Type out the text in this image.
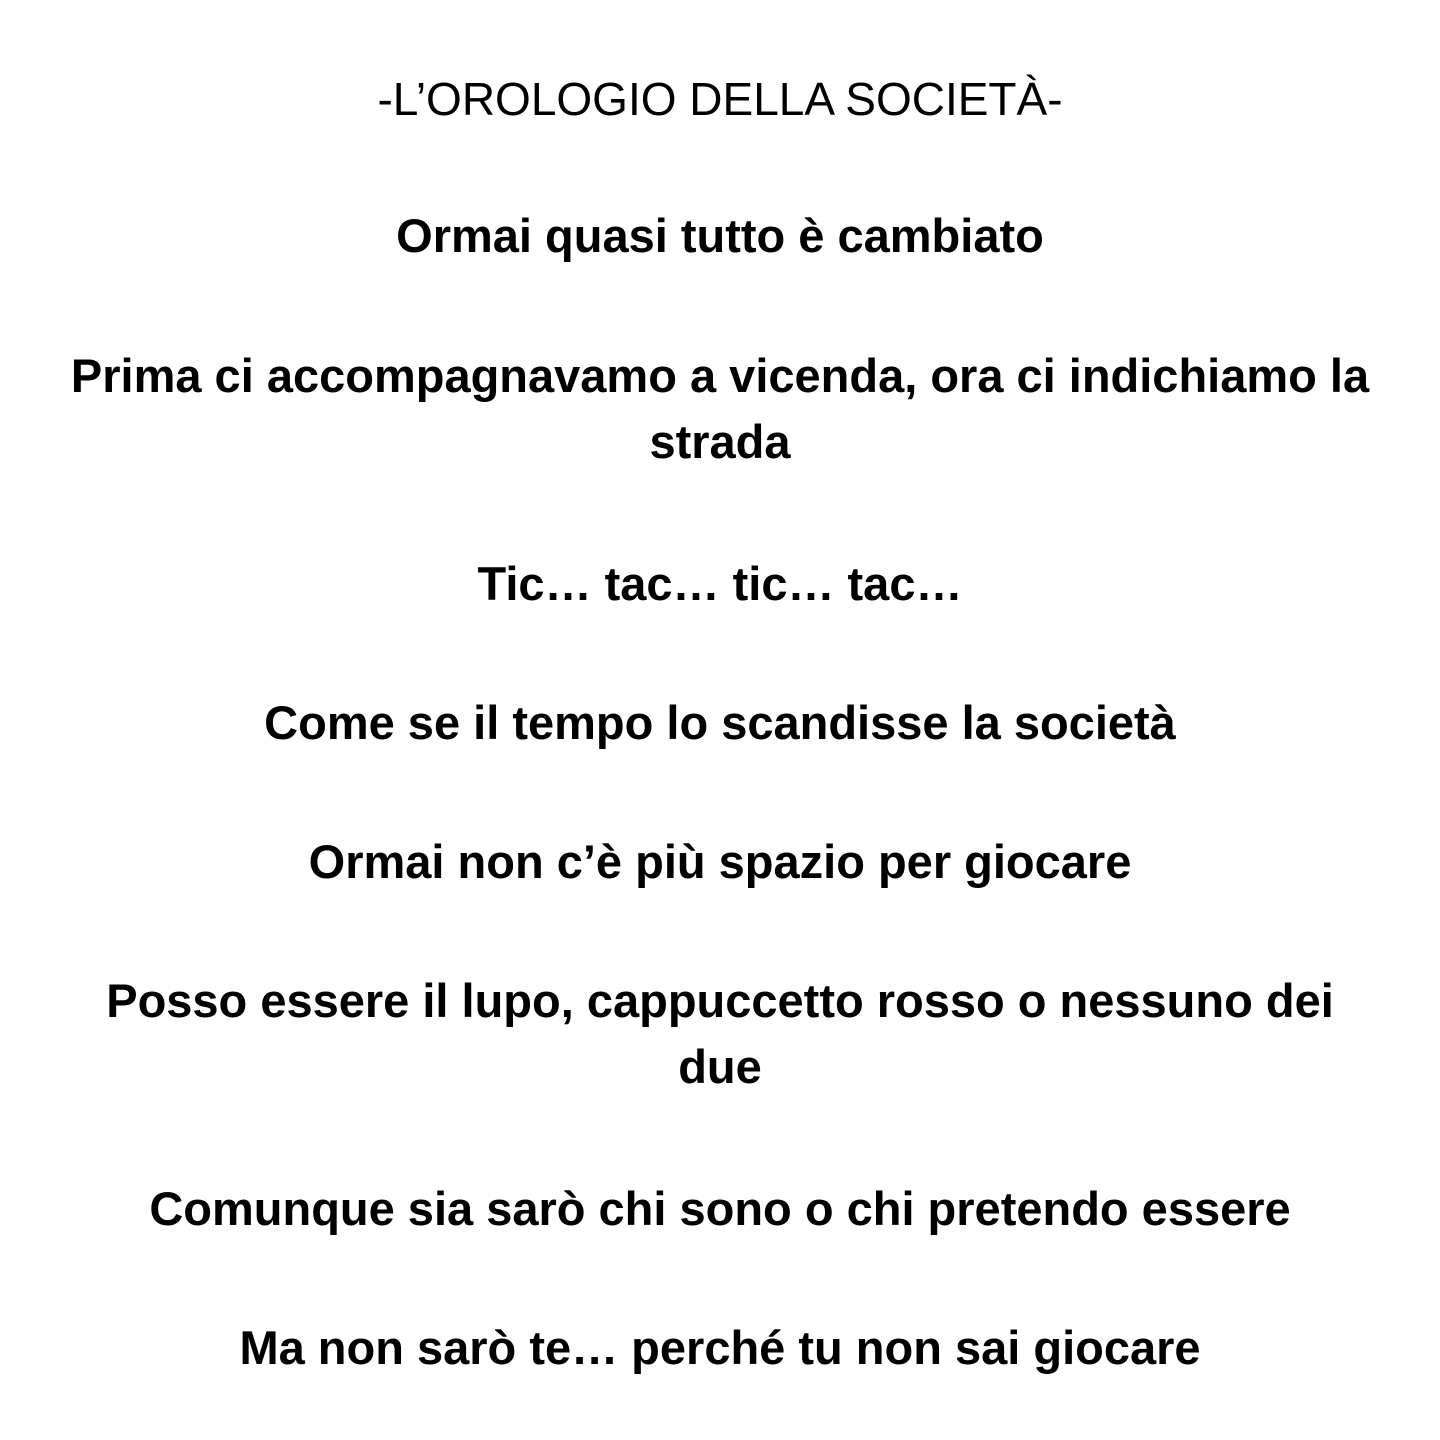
-L’OROLOGIO DELLA SOCIETÀ-

Ormai quasi tutto è cambiato

Prima ci accompagnavamo a vicenda, ora ci indichiamo la strada

Tic… tac… tic… tac…

Come se il tempo lo scandisse la società

Ormai non c’è più spazio per giocare

Posso essere il lupo, cappuccetto rosso o nessuno dei due

Comunque sia sarò chi sono o chi pretendo essere

Ma non sarò te… perché tu non sai giocare
